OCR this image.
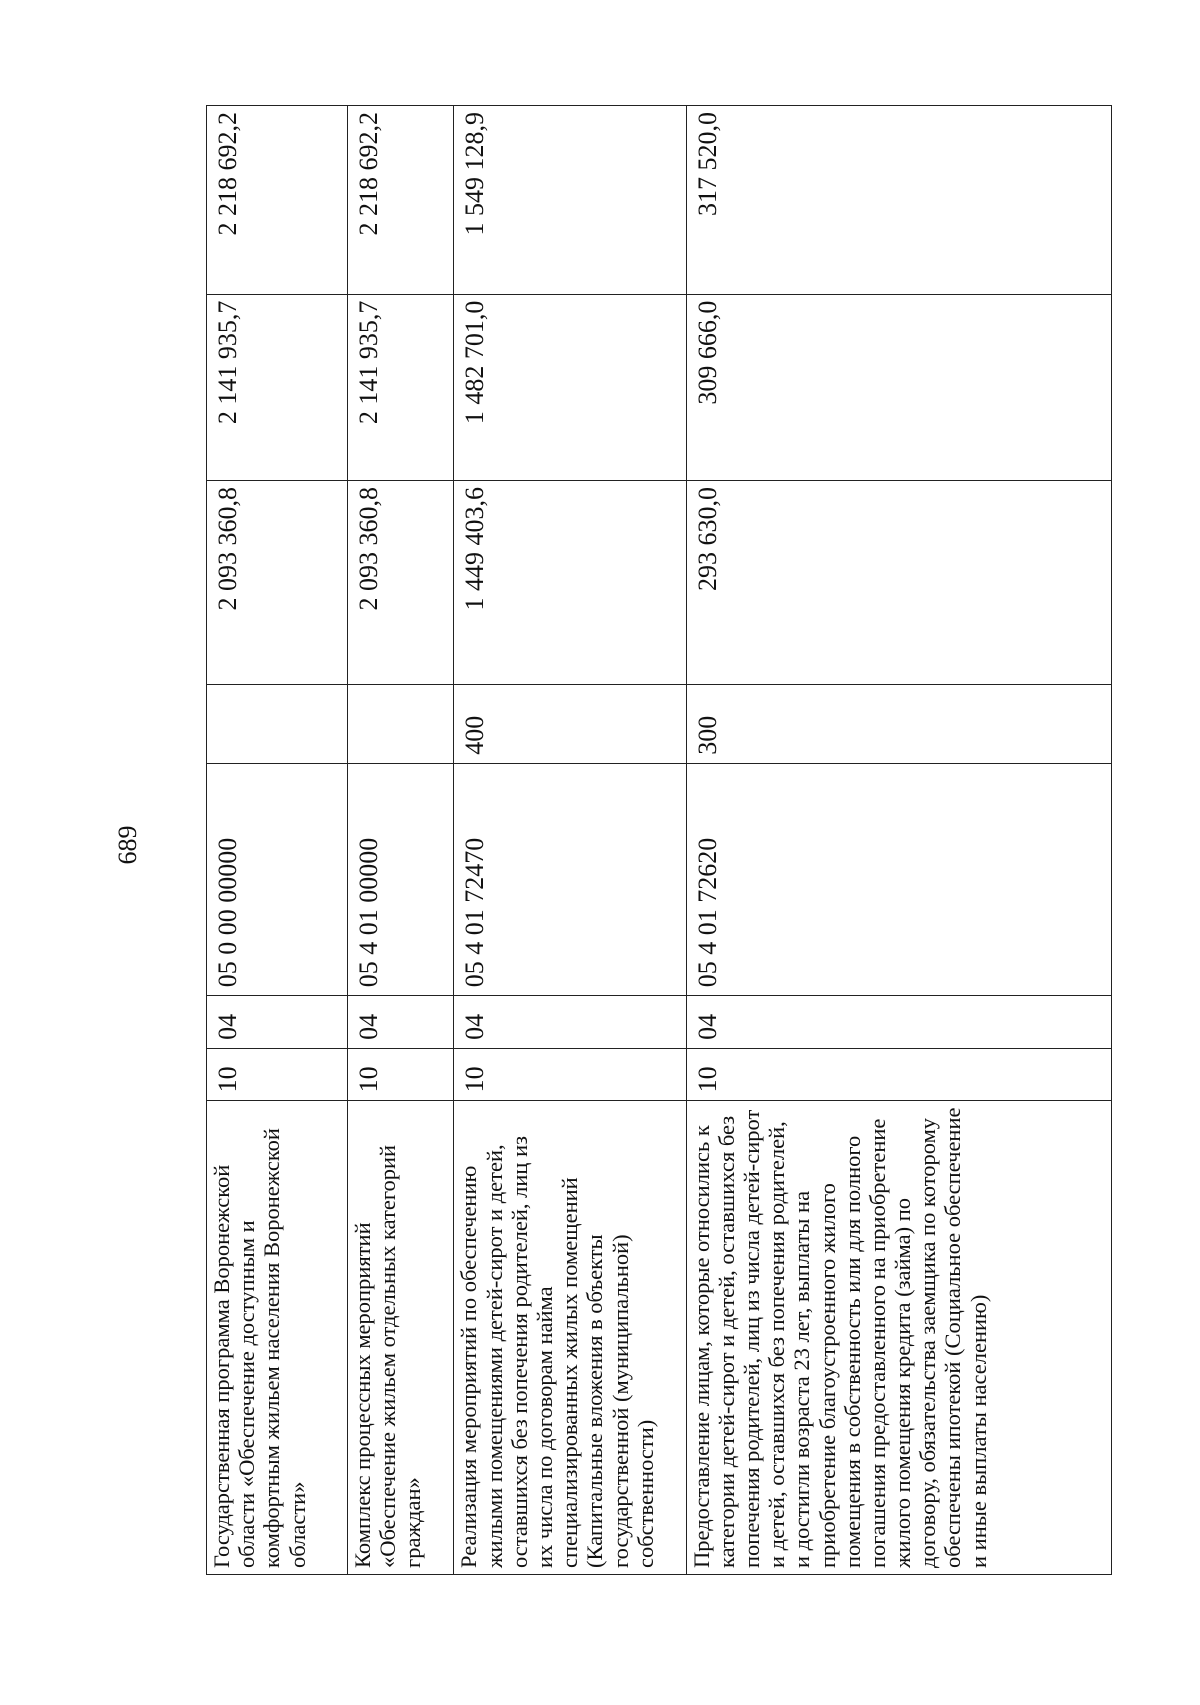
689
Государственная программа Воронежской области «Обеспечение доступным и комфортным жильем населения Воронежской области»	10	04	05 0 00 00000		2 093 360,8	2 141 935,7	2 218 692,2
Комплекс процессных мероприятий «Обеспечение жильем отдельных категорий граждан»	10	04	05 4 01 00000		2 093 360,8	2 141 935,7	2 218 692,2
Реализация мероприятий по обеспечению жилыми помещениями детей-сирот и детей, оставшихся без попечения родителей, лиц из их числа по договорам найма специализированных жилых помещений (Капитальные вложения в объекты государственной (муниципальной) собственности)	10	04	05 4 01 72470	400	1 449 403,6	1 482 701,0	1 549 128,9
Предоставление лицам, которые относились к категории детей-сирот и детей, оставшихся без попечения родителей, лиц из числа детей-сирот и детей, оставшихся без попечения родителей, и достигли возраста 23 лет, выплаты на приобретение благоустроенного жилого помещения в собственность или для полного погашения предоставленного на приобретение жилого помещения кредита (займа) по договору, обязательства заемщика по которому обеспечены ипотекой (Социальное обеспечение и иные выплаты населению)	10	04	05 4 01 72620	300	293 630,0	309 666,0	317 520,0
